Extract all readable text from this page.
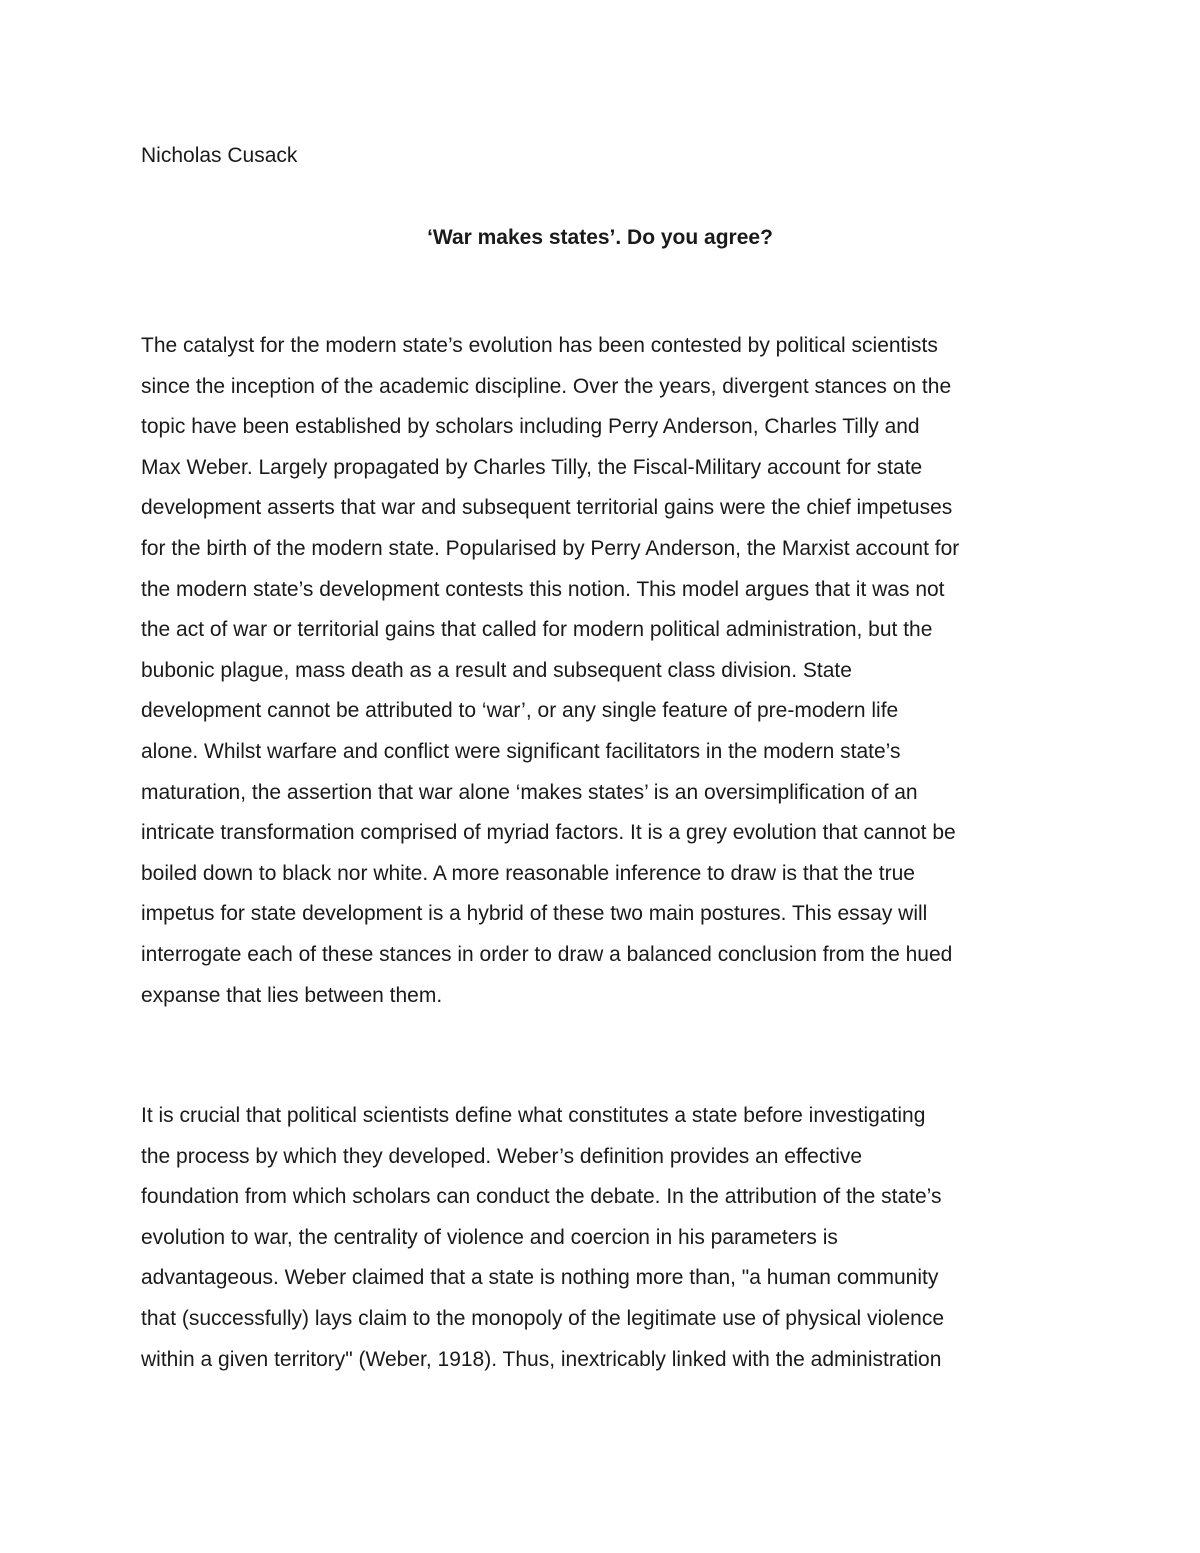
Nicholas Cusack

‘War makes states’. Do you agree?
The catalyst for the modern state’s evolution has been contested by political scientists
since the inception of the academic discipline. Over the years, divergent stances on the
topic have been established by scholars including Perry Anderson, Charles Tilly and
Max Weber. Largely propagated by Charles Tilly, the Fiscal-Military account for state
development asserts that war and subsequent territorial gains were the chief impetuses
for the birth of the modern state. Popularised by Perry Anderson, the Marxist account for
the modern state’s development contests this notion. This model argues that it was not
the act of war or territorial gains that called for modern political administration, but the
bubonic plague, mass death as a result and subsequent class division. State
development cannot be attributed to ‘war’, or any single feature of pre-modern life
alone. Whilst warfare and conflict were significant facilitators in the modern state’s
maturation, the assertion that war alone ‘makes states’ is an oversimplification of an
intricate transformation comprised of myriad factors. It is a grey evolution that cannot be
boiled down to black nor white. A more reasonable inference to draw is that the true
impetus for state development is a hybrid of these two main postures. This essay will
interrogate each of these stances in order to draw a balanced conclusion from the hued
expanse that lies between them.
It is crucial that political scientists define what constitutes a state before investigating
the process by which they developed. Weber’s definition provides an effective
foundation from which scholars can conduct the debate. In the attribution of the state’s
evolution to war, the centrality of violence and coercion in his parameters is
advantageous. Weber claimed that a state is nothing more than, "a human community
that (successfully) lays claim to the monopoly of the legitimate use of physical violence
within a given territory" (Weber, 1918). Thus, inextricably linked with the administration
